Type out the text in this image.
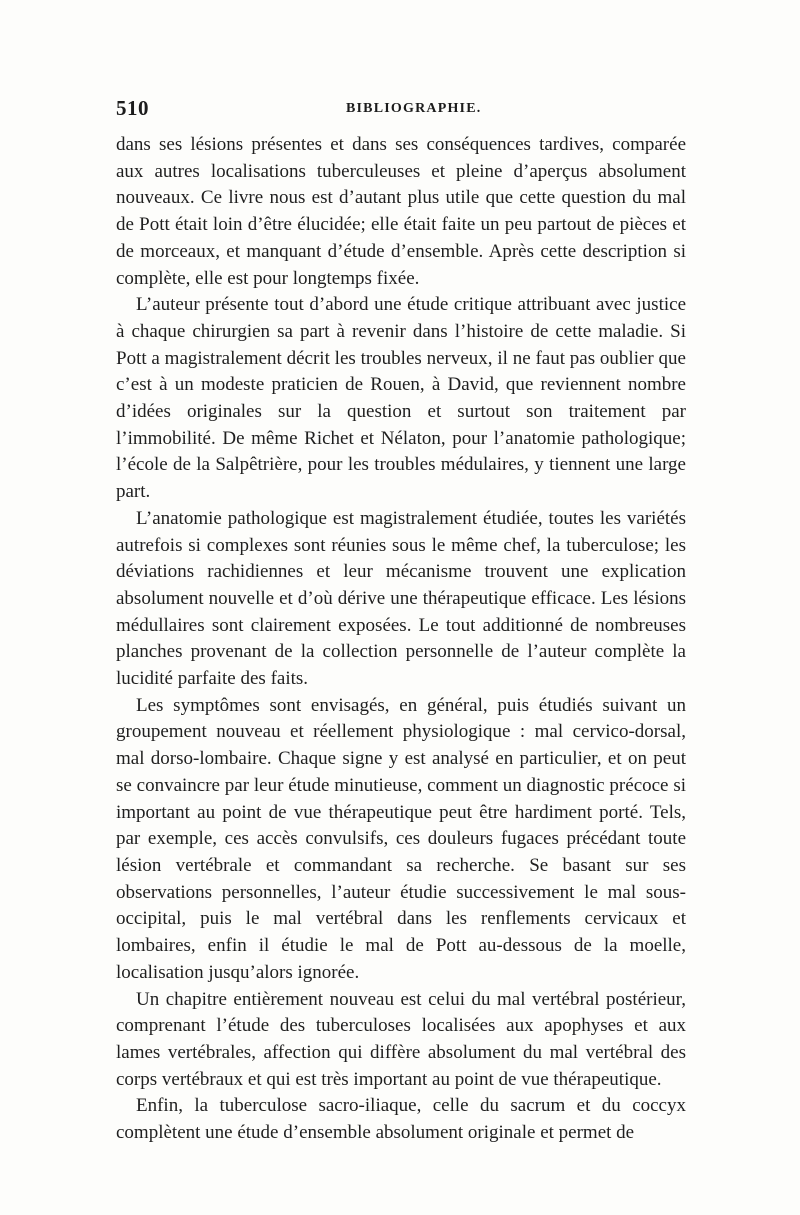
510	BIBLIOGRAPHIE.

dans ses lésions présentes et dans ses conséquences tardives, comparée aux autres localisations tuberculeuses et pleine d’aperçus absolument nouveaux. Ce livre nous est d’autant plus utile que cette question du mal de Pott était loin d’être élucidée; elle était faite un peu partout de pièces et de morceaux, et manquant d’étude d’ensemble. Après cette description si complète, elle est pour longtemps fixée.

L’auteur présente tout d’abord une étude critique attribuant avec justice à chaque chirurgien sa part à revenir dans l’histoire de cette maladie. Si Pott a magistralement décrit les troubles nerveux, il ne faut pas oublier que c’est à un modeste praticien de Rouen, à David, que reviennent nombre d’idées originales sur la question et surtout son traitement par l’immobilité. De même Richet et Nélaton, pour l’anatomie pathologique; l’école de la Salpêtrière, pour les troubles médulaires, y tiennent une large part.

L’anatomie pathologique est magistralement étudiée, toutes les variétés autrefois si complexes sont réunies sous le même chef, la tuberculose; les déviations rachidiennes et leur mécanisme trouvent une explication absolument nouvelle et d’où dérive une thérapeutique efficace. Les lésions médullaires sont clairement exposées. Le tout additionné de nombreuses planches provenant de la collection personnelle de l’auteur complète la lucidité parfaite des faits.

Les symptômes sont envisagés, en général, puis étudiés suivant un groupement nouveau et réellement physiologique : mal cervico-dorsal, mal dorso-lombaire. Chaque signe y est analysé en particulier, et on peut se convaincre par leur étude minutieuse, comment un diagnostic précoce si important au point de vue thérapeutique peut être hardiment porté. Tels, par exemple, ces accès convulsifs, ces douleurs fugaces précédant toute lésion vertébrale et commandant sa recherche. Se basant sur ses observations personnelles, l’auteur étudie successivement le mal sous-occipital, puis le mal vertébral dans les renflements cervicaux et lombaires, enfin il étudie le mal de Pott au-dessous de la moelle, localisation jusqu’alors ignorée.

Un chapitre entièrement nouveau est celui du mal vertébral postérieur, comprenant l’étude des tuberculoses localisées aux apophyses et aux lames vertébrales, affection qui diffère absolument du mal vertébral des corps vertébraux et qui est très important au point de vue thérapeutique.

Enfin, la tuberculose sacro-iliaque, celle du sacrum et du coccyx complètent une étude d’ensemble absolument originale et permet de
